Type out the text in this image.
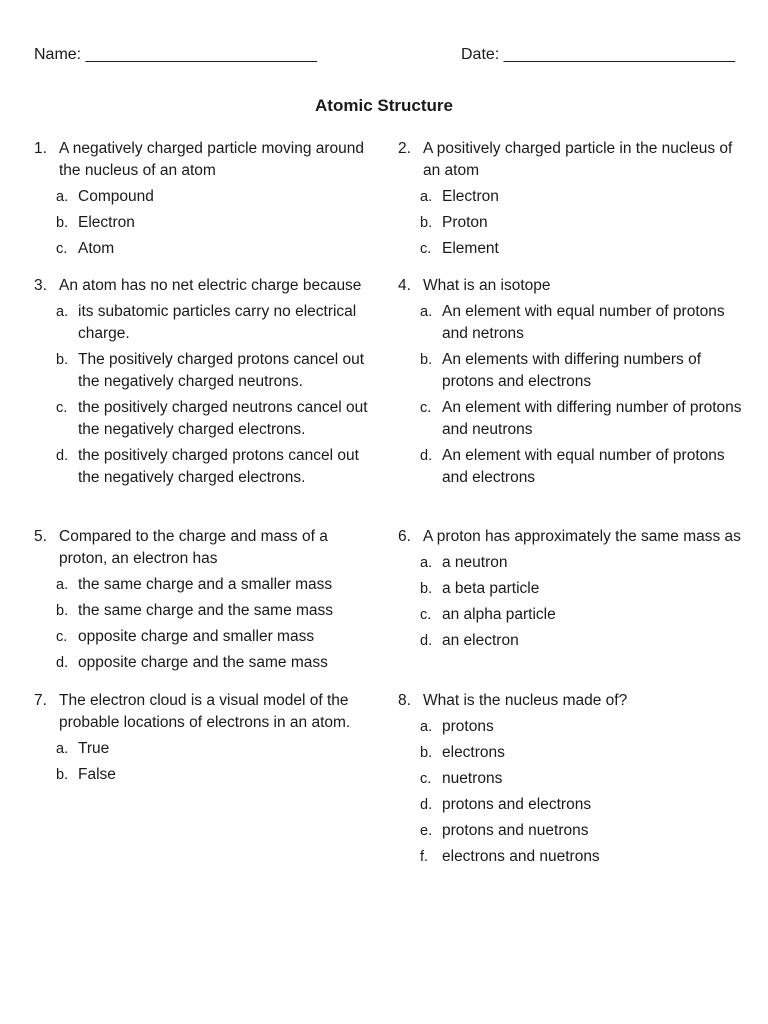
Name: __________________________	Date: __________________________
Atomic Structure
1. A negatively charged particle moving around the nucleus of an atom
a. Compound
b. Electron
c. Atom
2. A positively charged particle in the nucleus of an atom
a. Electron
b. Proton
c. Element
3. An atom has no net electric charge because
a. its subatomic particles carry no electrical charge.
b. The positively charged protons cancel out the negatively charged neutrons.
c. the positively charged neutrons cancel out the negatively charged electrons.
d. the positively charged protons cancel out the negatively charged electrons.
4. What is an isotope
a. An element with equal number of protons and netrons
b. An elements with differing numbers of protons and electrons
c. An element with differing number of protons and neutrons
d. An element with equal number of protons and electrons
5. Compared to the charge and mass of a proton, an electron has
a. the same charge and a smaller mass
b. the same charge and the same mass
c. opposite charge and smaller mass
d. opposite charge and the same mass
6. A proton has approximately the same mass as
a. a neutron
b. a beta particle
c. an alpha particle
d. an electron
7. The electron cloud is a visual model of the probable locations of electrons in an atom.
a. True
b. False
8. What is the nucleus made of?
a. protons
b. electrons
c. nuetrons
d. protons and electrons
e. protons and nuetrons
f. electrons and nuetrons
